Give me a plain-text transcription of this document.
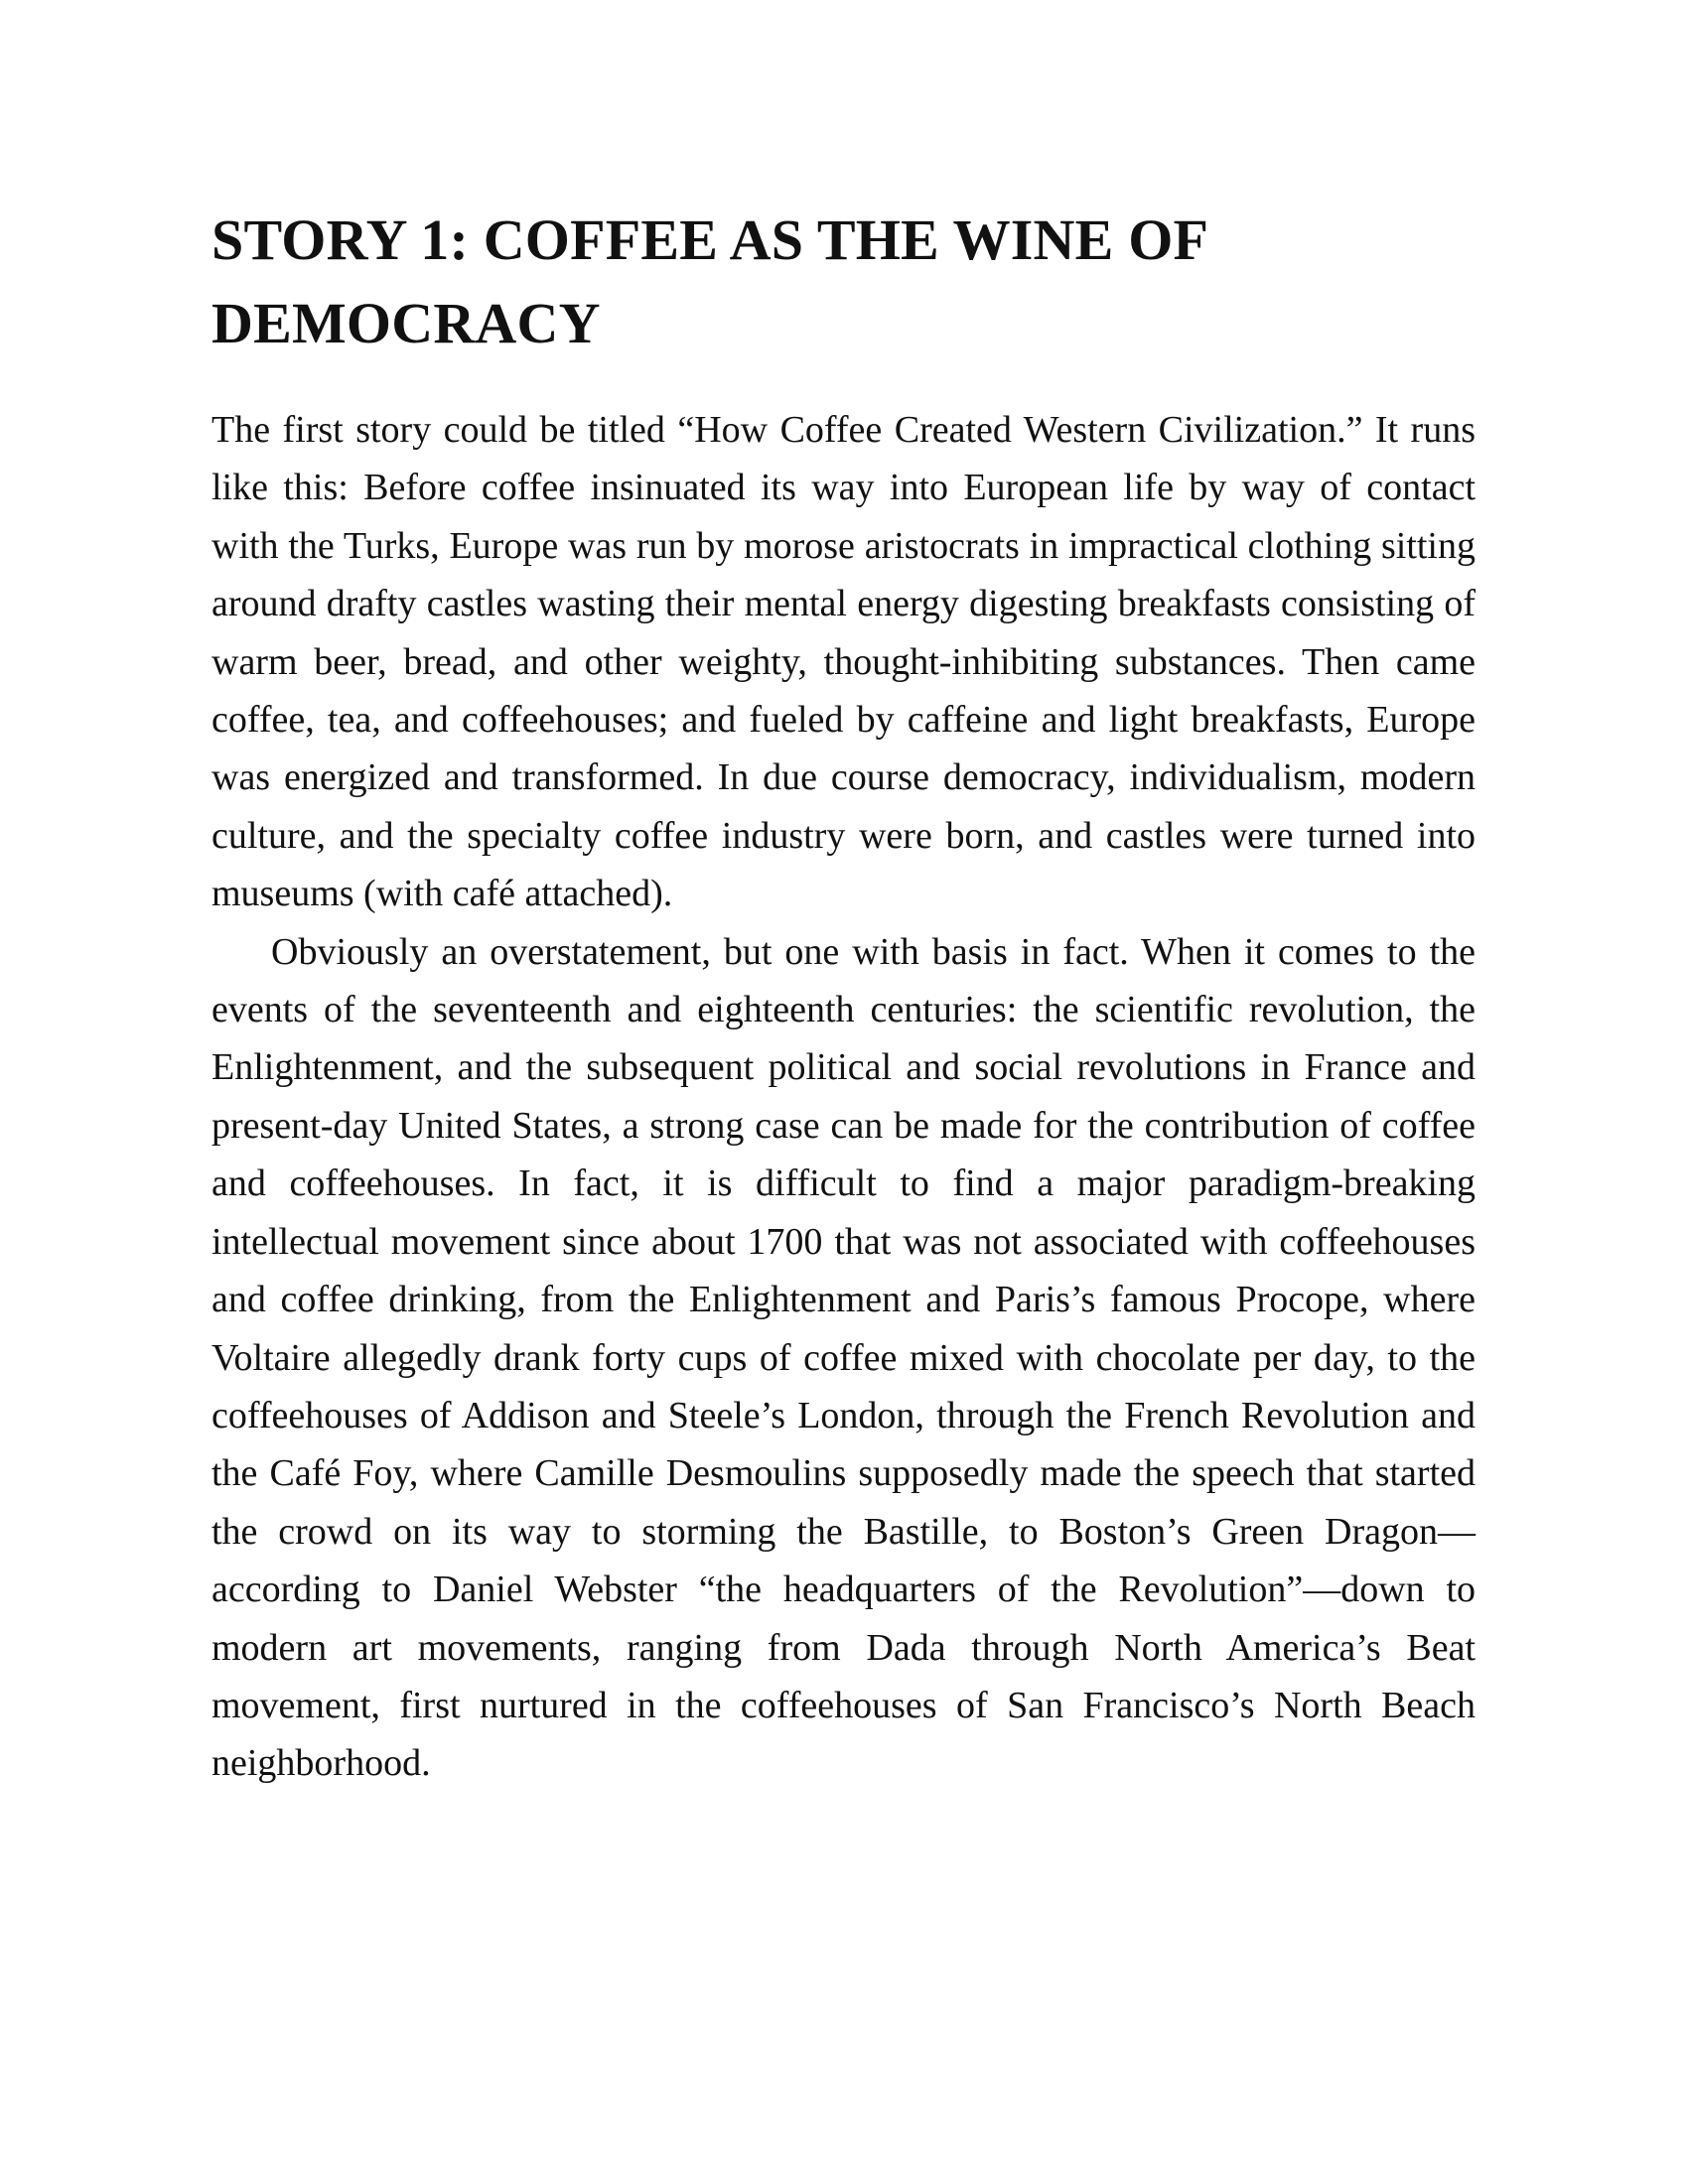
STORY 1: COFFEE AS THE WINE OF DEMOCRACY

The first story could be titled “How Coffee Created Western Civilization.” It runs like this: Before coffee insinuated its way into European life by way of contact with the Turks, Europe was run by morose aristocrats in impractical clothing sitting around drafty castles wasting their mental energy digesting breakfasts consisting of warm beer, bread, and other weighty, thought-inhibiting substances. Then came coffee, tea, and coffeehouses; and fueled by caffeine and light breakfasts, Europe was energized and transformed. In due course democracy, individualism, modern culture, and the specialty coffee industry were born, and castles were turned into museums (with café attached).

Obviously an overstatement, but one with basis in fact. When it comes to the events of the seventeenth and eighteenth centuries: the scientific revolution, the Enlightenment, and the subsequent political and social revolutions in France and present-day United States, a strong case can be made for the contribution of coffee and coffeehouses. In fact, it is difficult to find a major paradigm-breaking intellectual movement since about 1700 that was not associated with coffeehouses and coffee drinking, from the Enlightenment and Paris’s famous Procope, where Voltaire allegedly drank forty cups of coffee mixed with chocolate per day, to the coffeehouses of Addison and Steele’s London, through the French Revolution and the Café Foy, where Camille Desmoulins supposedly made the speech that started the crowd on its way to storming the Bastille, to Boston’s Green Dragon—according to Daniel Webster “the headquarters of the Revolution”—down to modern art movements, ranging from Dada through North America’s Beat movement, first nurtured in the coffeehouses of San Francisco’s North Beach neighborhood.
